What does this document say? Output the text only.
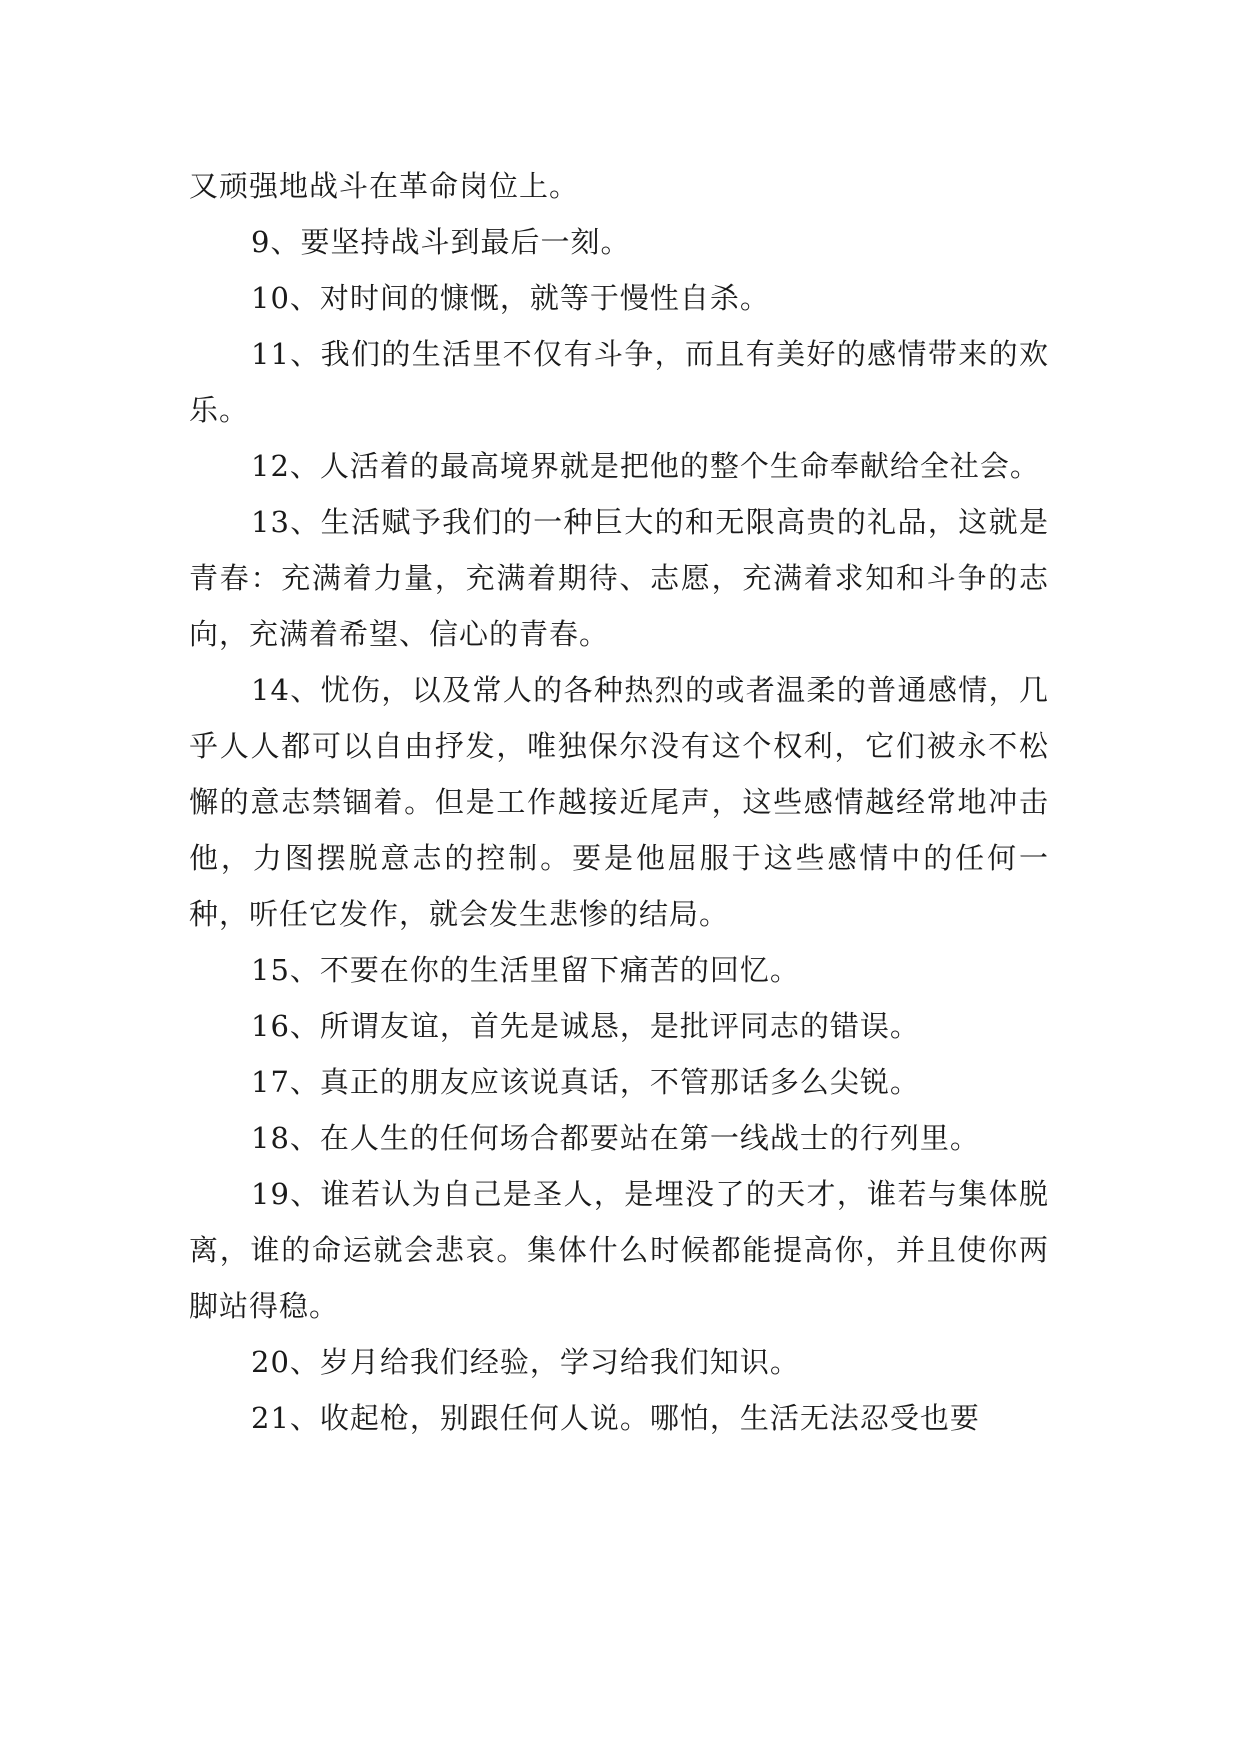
又顽强地战斗在革命岗位上。

9、要坚持战斗到最后一刻。

10、对时间的慷慨，就等于慢性自杀。

11、我们的生活里不仅有斗争，而且有美好的感情带来的欢乐。

12、人活着的最高境界就是把他的整个生命奉献给全社会。

13、生活赋予我们的一种巨大的和无限高贵的礼品，这就是青春：充满着力量，充满着期待、志愿，充满着求知和斗争的志向，充满着希望、信心的青春。

14、忧伤，以及常人的各种热烈的或者温柔的普通感情，几乎人人都可以自由抒发，唯独保尔没有这个权利，它们被永不松懈的意志禁锢着。但是工作越接近尾声，这些感情越经常地冲击他，力图摆脱意志的控制。要是他屈服于这些感情中的任何一种，听任它发作，就会发生悲惨的结局。

15、不要在你的生活里留下痛苦的回忆。

16、所谓友谊，首先是诚恳，是批评同志的错误。

17、真正的朋友应该说真话，不管那话多么尖锐。

18、在人生的任何场合都要站在第一线战士的行列里。

19、谁若认为自己是圣人，是埋没了的天才，谁若与集体脱离，谁的命运就会悲哀。集体什么时候都能提高你，并且使你两脚站得稳。

20、岁月给我们经验，学习给我们知识。

21、收起枪，别跟任何人说。哪怕，生活无法忍受也要
